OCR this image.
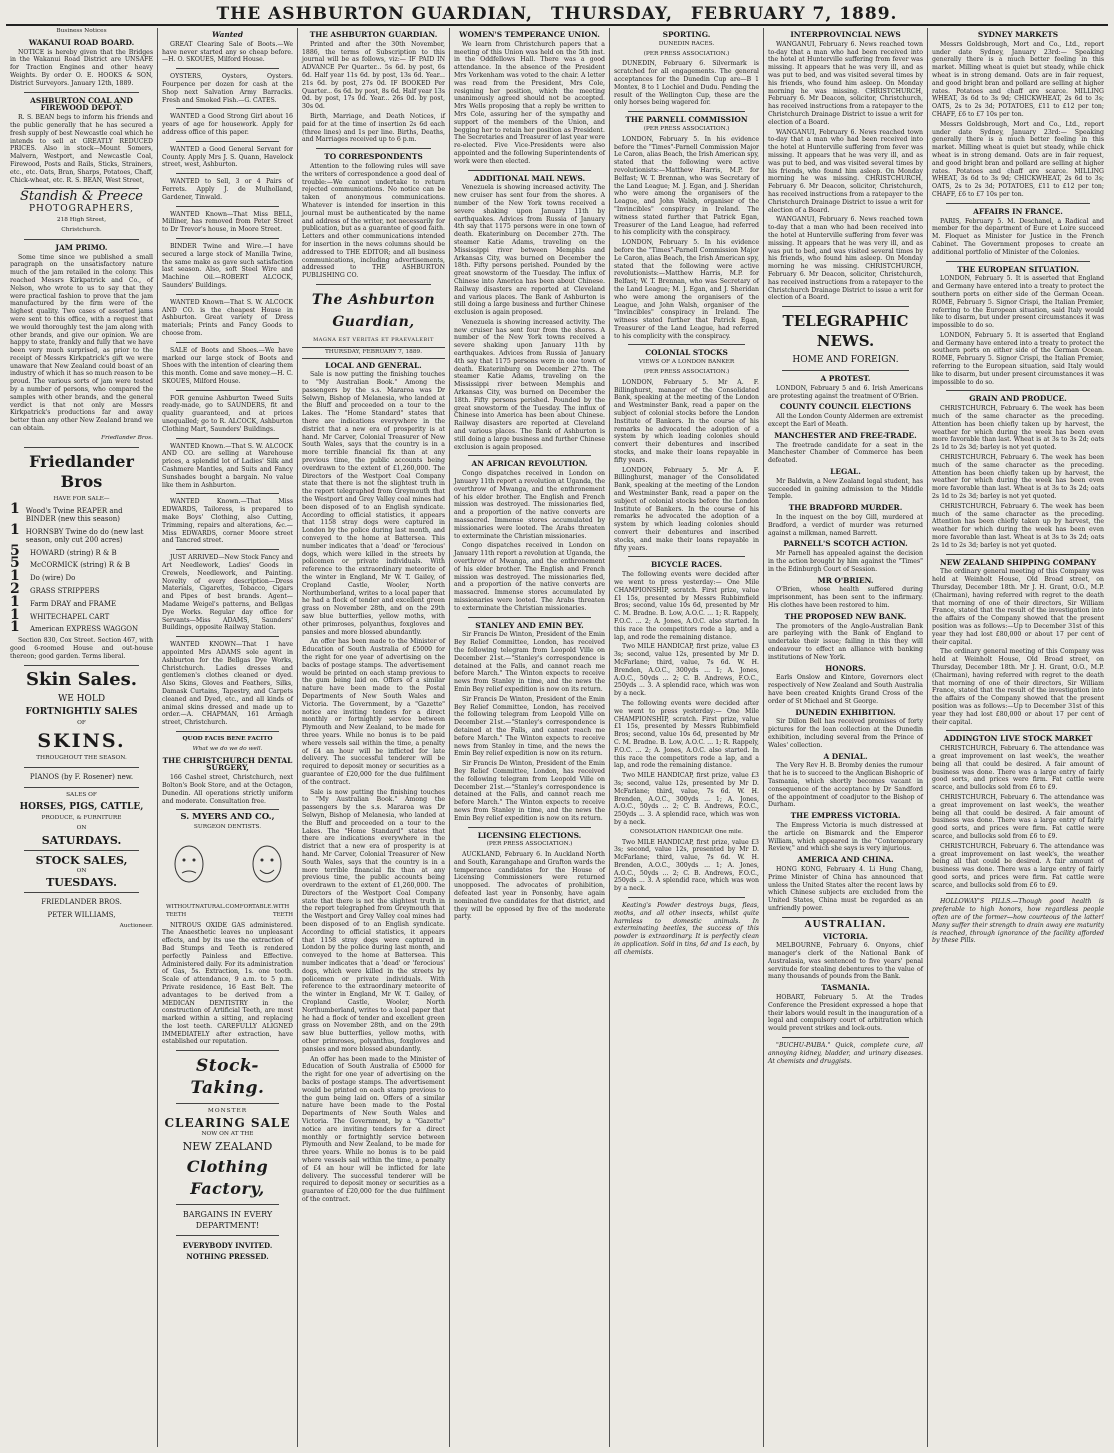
THE ASHBURTON GUARDIAN, THURSDAY, FEBRUARY 7, 1889.
Business Notices
WAKANUI ROAD BOARD.

NOTICE is hereby given that the Bridges in the Wakanui Road District are UNSAFE for Traction Engines and other heavy Weights. By order O. E. HOOKS & SON, District Surveyors. January 12th, 1889.

ASHBURTON COAL AND FIREWOOD DEPOT.

R. S. BEAN begs to inform his friends and the public generally that he has secured a fresh supply of best Newcastle coal which he intends to sell at GREATLY REDUCED PRICES. Also in stock—Mount Somers, Malvern, Westport, and Newcastle Coal, Firewood, Posts and Rails, Sticks, Strainers, etc., etc. Oats, Bran, Sharps, Potatoes, Chaff, Chick-wheat, etc. R. S. BEAN, West Street,

Standish & Preece
PHOTOGRAPHERS,
218 High Street,
Christchurch.
JAM PRIMO.

Some time since we published a small paragraph on the unsatisfactory nature much of the jam retailed in the colony. This reached Messrs Kirkpatrick and Co., of Nelson, who wrote to us to say that they were practical fashion to prove that the jam manufactured by the firm were of the highest quality. Two cases of assorted jams were sent to this office, with a request that we would thoroughly test the jam along with other brands, and give our opinion. We are happy to state, frankly and fully that we have been very much surprised, as prior to the receipt of Messrs Kirkpatrick's gift we were unaware that New Zealand could boast of an industry of which it has so much reason to be proud. The various sorts of jam were tested by a number of persons, who compared the samples with other brands, and the general verdict is that not only are Messrs Kirkpatrick's productions far and away better than any other New Zealand brand we can obtain.

Friedlander Bros.
Friedlander Bros
HAVE FOR SALE—
1 Wood's Twine REAPER and BINDER (new this season)
1 HORNSBY Twine do do (new last season, only cut 200 acres)
5	HOWARD (string) R & B
5	McCORMICK (string) R & B
1	Do (wire) Do
2	GRASS STRIPPERS
1	Farm DRAY and FRAME
1	WHITECHAPEL CART
1	American EXPRESS WAGGON

Section 830, Cox Street. Section 467, with good 6-roomed House and out-house thereon; good garden. Terms liberal.

Skin Sales.
WE HOLD
FORTNIGHTLY SALES
OF
SKINS.
THROUGHOUT THE SEASON.
PIANOS (by F. Rosener) new.
SALES OF
HORSES, PIGS, CATTLE,
PRODUCE, & FURNITURE
ON
SATURDAYS.
STOCK SALES,
ON
TUESDAYS.
FRIEDLANDER BROS.
PETER WILLIAMS,
Auctioneer.
Wanted

GREAT Clearing Sale of Boots.—We have never started any so cheap before.—H. O. SKOUES, Milford House.

OYSTERS, Oysters, Oysters. Fourpence per dozen for cash at the Shop next Salvation Army Barracks. Fresh and Smoked Fish.—G. CATES.

WANTED a Good Strong Girl about 16 years of age for housework. Apply for address office of this paper.

WANTED a Good General Servant for County. Apply Mrs J. S. Quann, Havelock street, west, Ashburton.

WANTED to Sell, 3 or 4 Pairs of Ferrets. Apply J. de Mulholland, Gardener, Tinwald.

WANTED Known—That Miss BELL, Milliner, has removed from Peter Street to Dr Trevor's house, in Moore Street.

BINDER Twine and Wire.—I have secured a large stock of Manilla Twine, the same make as gave such satisfaction last season. Also, soft Steel Wire and Machine Oil.—ROBERT ALCOCK, Saunders' Buildings.

WANTED Known—That S. W. ALCOCK AND CO. is the cheapest House in Ashburton. Great variety of Dress materials; Prints and Fancy Goods to choose from.

SALE of Boots and Shoes.—We have marked our large stock of Boots and Shoes with the intention of clearing them this month. Come and save money.—H. C. SKOUES, Milford House.

FOR genuine Ashburton Tweed Suits ready-made, go to SAUNDERS, fit and quality guaranteed, and at prices unequalled; go to R. ALCOCK, Ashburton Clothing Mart, Saunders' Buildings.

WANTED Known.—That S. W. ALCOCK AND CO. are selling at Warehouse prices, a splendid lot of Ladies' Silk and Cashmere Mantles, and Suits and Fancy Sunshades bought a bargain. No value like them in Ashburton.

WANTED Known.—That Miss EDWARDS, Tailoress, is prepared to make Boys' Clothing, also Cutting, Trimming, repairs and alterations, &c.—Miss EDWARDS, corner Moore street and Tancred street.

JUST ARRIVED—New Stock Fancy and Art Needlework, Ladies' Goods in Crewels, Needlework, and Painting. Novelty of every description—Dress Materials, Cigarettes, Tobacco, Cigars and Pipes of best brands. Agent—Madame Weigel's patterns, and Bellgas Dye Works. Regular day office for Servants—Miss ADAMS, Saunders' Buildings, opposite Railway Station.

WANTED KNOWN—That I have appointed Mrs ADAMS sole agent in Ashburton for the Bellgas Dye Works, Christchurch. Ladies dresses and gentlemen's clothes cleaned or dyed. Also Skins, Gloves and Feathers, Silks, Damask Curtains, Tapestry, and Carpets cleaned and Dyed, etc., and all kinds of animal skins dressed and made up to order.—A. CHAPMAN, 161 Armagh street, Christchurch.

QUOD FACIS BENE FACITO
What we do we do well.
THE CHRISTCHURCH DENTAL SURGERY,

166 Cashel street, Christchurch, next Bolton's Book Store, and at the Octagon, Dunedin. All operations strictly uniform and moderate. Consultation free.

S. MYERS AND CO.,
SURGEON DENTISTS.
WITHOUT TEETH
NATURAL. COMFORTABLE. WITH TEETH

NITROUS OXIDE GAS administered. The Anaesthetic leaves no unpleasant effects, and by its use the extraction of Bad Stumps and Teeth is rendered perfectly Painless and Effective. Administered daily. For its administration of Gas, 5s. Extraction, 1s. one tooth. Scale of attendance, 9 a.m. to 5 p.m. Private residence, 16 East Belt. The advantages to be derived from a MEDICAN DENTISTRY in the construction of Artificial Teeth, are most marked within a sitting, and replacing the lost teeth. CAREFULLY ALIGNED IMMEDIATELY after extraction, have established our reputation.

Stock-Taking.
MONSTER
CLEARING SALE
NOW ON AT THE
NEW ZEALAND
Clothing Factory,
BARGAINS IN EVERY DEPARTMENT!
EVERYBODY INVITED. NOTHING PRESSED.
THE ASHBURTON GUARDIAN.

Printed and after the 30th November, 1886, the terms of Subscription to this journal will be as follows, viz:— IF PAID IN ADVANCE Per Quarter... 5s 6d. by post, 6s 6d. Half year 11s 6d. by post, 13s 6d. Year... 21s 6d. by post, 27s 0d. IF BOOKED Per Quarter... 6s 6d. by post, 8s 6d. Half year 13s 0d. by post, 17s 0d. Year... 26s 0d. by post, 30s 0d.

Birth, Marriage, and Death Notices, if paid for at the time of insertion 2s 6d each (three lines) and 1s per line. Births, Deaths, and Marriages received up to 6 p.m.

TO CORRESPONDENTS

Attention to the following rules will save the writers of correspondence a good deal of trouble:—We cannot undertake to return rejected communications. No notice can be taken of anonymous communications. Whatever is intended for insertion in this journal must be authenticated by the name and address of the writer, not necessarily for publication, but as a guarantee of good faith. Letters and other communications intended for insertion in the news columns should be addressed to THE EDITOR; and all business communications, including advertisements, addressed to THE ASHBURTON PUBLISHING CO.

The Ashburton Guardian,
MAGNA EST VERITAS ET PRAEVALEBIT
THURSDAY, FEBRUARY 7, 1889.
LOCAL AND GENERAL.

Sale is now putting the finishing touches to "My Australian Book." Among the passengers by the s.s. Mararoa was Dr Selwyn, Bishop of Melanesia, who landed at the Bluff and proceeded on a tour to the Lakes. The "Home Standard" states that there are indications everywhere in the district that a new era of prosperity is at hand. Mr Carver, Colonial Treasurer of New South Wales, says that the country is in a more terrible financial fix than at any previous time, the public accounts being overdrawn to the extent of £1,260,000. The Directors of the Westport Coal Company state that there is not the slightest truth in the report telegraphed from Greymouth that the Westport and Grey Valley coal mines had been disposed of to an English syndicate. According to official statistics, it appears that 1158 stray dogs were captured in London by the police during last month, and conveyed to the home at Battersea. This number indicates that a 'dead' or 'ferocious' dogs, which were killed in the streets by policemen or private individuals. With reference to the extraordinary meteorite of the winter in England, Mr W. T. Gailey, of Cropland Castle, Wooler, North Northumberland, writes to a local paper that he had a flock of tender and excellent green grass on November 28th, and on the 29th saw blue butterflies, yellow moths, with other primroses, polyanthus, foxgloves and pansies and more blossed abundantly.

An offer has been made to the Minister of Education of South Australia of £5000 for the right for one year of advertising on the backs of postage stamps. The advertisement would be printed on each stamp previous to the gum being laid on. Offers of a similar nature have been made to the Postal Departments of New South Wales and Victoria. The Government, by a "Gazette" notice are inviting tenders for a direct monthly or fortnightly service between Plymouth and New Zealand, to be made for three years. While no bonus is to be paid where vessels sail within the time, a penalty of £4 an hour will be inflicted for late delivery. The successful tenderer will be required to deposit money or securities as a guarantee of £20,000 for the due fulfilment of the contract.

Sale is now putting the finishing touches to "My Australian Book." Among the passengers by the s.s. Mararoa was Dr Selwyn, Bishop of Melanesia, who landed at the Bluff and proceeded on a tour to the Lakes. The "Home Standard" states that there are indications everywhere in the district that a new era of prosperity is at hand. Mr Carver, Colonial Treasurer of New South Wales, says that the country is in a more terrible financial fix than at any previous time, the public accounts being overdrawn to the extent of £1,260,000. The Directors of the Westport Coal Company state that there is not the slightest truth in the report telegraphed from Greymouth that the Westport and Grey Valley coal mines had been disposed of to an English syndicate. According to official statistics, it appears that 1158 stray dogs were captured in London by the police during last month, and conveyed to the home at Battersea. This number indicates that a 'dead' or 'ferocious' dogs, which were killed in the streets by policemen or private individuals. With reference to the extraordinary meteorite of the winter in England, Mr W. T. Gailey, of Cropland Castle, Wooler, North Northumberland, writes to a local paper that he had a flock of tender and excellent green grass on November 28th, and on the 29th saw blue butterflies, yellow moths, with other primroses, polyanthus, foxgloves and pansies and more blossed abundantly.

An offer has been made to the Minister of Education of South Australia of £5000 for the right for one year of advertising on the backs of postage stamps. The advertisement would be printed on each stamp previous to the gum being laid on. Offers of a similar nature have been made to the Postal Departments of New South Wales and Victoria. The Government, by a "Gazette" notice are inviting tenders for a direct monthly or fortnightly service between Plymouth and New Zealand, to be made for three years. While no bonus is to be paid where vessels sail within the time, a penalty of £4 an hour will be inflicted for late delivery. The successful tenderer will be required to deposit money or securities as a guarantee of £20,000 for the due fulfilment of the contract.

WOMEN'S TEMPERANCE UNION.

We learn from Christchurch papers that a meeting of this Union was held on the 5th inst. in the Oddfellows Hall. There was a good attendance. In the absence of the President Mrs Vorkenham was voted to the chair. A letter was read from the President, Mrs Cole, resigning her position, which the meeting unanimously agreed should not be accepted. Mrs Wells proposing that a reply be written to Mrs Cole, assuring her of the sympathy and support of the members of the Union, and begging her to retain her position as President. The Secretaries and Treasurer of last year were re-elected. Five Vice-Presidents were also appointed and the following Superintendents of work were then elected.

ADDITIONAL MAIL NEWS.

Venezuela is showing increased activity. The new cruiser has sent four from the shores. A number of the New York towns received a severe shaking upon January 11th by earthquakes. Advices from Russia of January 4th say that 1175 persons were in one town of death. Ekaterinburg on December 27th. The steamer Katie Adams, traveling on the Mississippi river between Memphis and Arkansas City, was burned on December the 18th. Fifty persons perished. Pounded by the great snowstorm of the Tuesday. The influx of Chinese into America has been about Chinese. Railway disasters are reported at Cleveland and various places. The Bank of Ashburton is still doing a large business and further Chinese exclusion is again proposed.

Venezuela is showing increased activity. The new cruiser has sent four from the shores. A number of the New York towns received a severe shaking upon January 11th by earthquakes. Advices from Russia of January 4th say that 1175 persons were in one town of death. Ekaterinburg on December 27th. The steamer Katie Adams, traveling on the Mississippi river between Memphis and Arkansas City, was burned on December the 18th. Fifty persons perished. Pounded by the great snowstorm of the Tuesday. The influx of Chinese into America has been about Chinese. Railway disasters are reported at Cleveland and various places. The Bank of Ashburton is still doing a large business and further Chinese exclusion is again proposed.

AN AFRICAN REVOLUTION.

Congo dispatches received in London on January 11th report a revolution at Uganda, the overthrow of Mwanga, and the enthronement of his elder brother. The English and French mission was destroyed. The missionaries fled, and a proportion of the native converts are massacred. Immense stores accumulated by missionaries were looted. The Arabs threaten to exterminate the Christian missionaries.

Congo dispatches received in London on January 11th report a revolution at Uganda, the overthrow of Mwanga, and the enthronement of his elder brother. The English and French mission was destroyed. The missionaries fled, and a proportion of the native converts are massacred. Immense stores accumulated by missionaries were looted. The Arabs threaten to exterminate the Christian missionaries.

STANLEY AND EMIN BEY.

Sir Francis De Winton, President of the Emin Bey Relief Committee, London, has received the following telegram from Leopold Ville on December 21st.—"Stanley's correspondence is detained at the Falls, and cannot reach me before March." The Winton expects to receive news from Stanley in time, and the news the Emin Bey relief expedition is now on its return.

Sir Francis De Winton, President of the Emin Bey Relief Committee, London, has received the following telegram from Leopold Ville on December 21st.—"Stanley's correspondence is detained at the Falls, and cannot reach me before March." The Winton expects to receive news from Stanley in time, and the news the Emin Bey relief expedition is now on its return.

Sir Francis De Winton, President of the Emin Bey Relief Committee, London, has received the following telegram from Leopold Ville on December 21st.—"Stanley's correspondence is detained at the Falls, and cannot reach me before March." The Winton expects to receive news from Stanley in time, and the news the Emin Bey relief expedition is now on its return.

LICENSING ELECTIONS.
(PER PRESS ASSOCIATION.)

AUCKLAND, February 6. In Auckland North and South, Karangahape and Grafton wards the temperance candidates for the House of Licensing Commissioners were returned unopposed. The advocates of prohibition, defeated last year in Ponsonby, have again nominated five candidates for that district, and they will be opposed by five of the moderate party.

SPORTING.
DUNEDIN RACES.
(PER PRESS ASSOCIATION.)

DUNEDIN, February 6. Silvermark is scratched for all engagements. The general acceptances for the Dunedin Cup are—B 1 Montex, 8 to 1 Lochiel and Dudu. Pending the result of the Wellington Cup, these are the only horses being wagered for.

THE PARNELL COMMISSION
(PER PRESS ASSOCIATION.)

LONDON, February 5. In his evidence before the "Times"-Parnell Commission Major Le Caron, alias Beach, the Irish American spy, stated that the following were active revolutionists:—Matthew Harris, M.P. for Belfast; W. T. Brennan, who was Secretary of the Land League; M. J. Egan, and J. Sheridan who were among the organisers of the League, and John Walsh, organiser of the "Invincibles" conspiracy in Ireland. The witness stated further that Patrick Egan, Treasurer of the Land League, had referred to his complicity with the conspiracy.

LONDON, February 5. In his evidence before the "Times"-Parnell Commission Major Le Caron, alias Beach, the Irish American spy, stated that the following were active revolutionists:—Matthew Harris, M.P. for Belfast; W. T. Brennan, who was Secretary of the Land League; M. J. Egan, and J. Sheridan who were among the organisers of the League, and John Walsh, organiser of the "Invincibles" conspiracy in Ireland. The witness stated further that Patrick Egan, Treasurer of the Land League, had referred to his complicity with the conspiracy.

COLONIAL STOCKS
VIEWS OF A LONDON BANKER
(PER PRESS ASSOCIATION.)

LONDON, February 5. Mr A. F. Billinghurst, manager of the Consolidated Bank, speaking at the meeting of the London and Westminster Bank, read a paper on the subject of colonial stocks before the London Institute of Bankers. In the course of his remarks he advocated the adoption of a system by which leading colonies should convert their debentures and inscribed stocks, and make their loans repayable in fifty years.

LONDON, February 5. Mr A. F. Billinghurst, manager of the Consolidated Bank, speaking at the meeting of the London and Westminster Bank, read a paper on the subject of colonial stocks before the London Institute of Bankers. In the course of his remarks he advocated the adoption of a system by which leading colonies should convert their debentures and inscribed stocks, and make their loans repayable in fifty years.

BICYCLE RACES.

The following events were decided after we went to press yesterday:— One Mile CHAMPIONSHIP, scratch. First prize, value £1 15s, presented by Messrs Rubbimfield Bros; second, value 10s 6d, presented by Mr C. M. Bradne. B. Low, A.O.C. ... 1; R. Rappely, F.O.C. ... 2; A. Jones, A.O.C. also started. In this race the competitors rode a lap, and a lap, and rode the remaining distance.

Two MILE HANDICAP, first prize, value £3 3s; second, value 12s, presented by Mr D. McFarlane; third, value, 7s 6d. W. H. Brenden, A.O.C., 300yds ... 1; A. Jones, A.O.C., 50yds ... 2; C. B. Andrews, F.O.C., 250yds ... 3. A splendid race, which was won by a neck.

The following events were decided after we went to press yesterday:— One Mile CHAMPIONSHIP, scratch. First prize, value £1 15s, presented by Messrs Rubbimfield Bros; second, value 10s 6d, presented by Mr C. M. Bradne. B. Low, A.O.C. ... 1; R. Rappely, F.O.C. ... 2; A. Jones, A.O.C. also started. In this race the competitors rode a lap, and a lap, and rode the remaining distance.

Two MILE HANDICAP, first prize, value £3 3s; second, value 12s, presented by Mr D. McFarlane; third, value, 7s 6d. W. H. Brenden, A.O.C., 300yds ... 1; A. Jones, A.O.C., 50yds ... 2; C. B. Andrews, F.O.C., 250yds ... 3. A splendid race, which was won by a neck.

CONSOLATION HANDICAP. One mile.

Two MILE HANDICAP, first prize, value £3 3s; second, value 12s, presented by Mr D. McFarlane; third, value, 7s 6d. W. H. Brenden, A.O.C., 300yds ... 1; A. Jones, A.O.C., 50yds ... 2; C. B. Andrews, F.O.C., 250yds ... 3. A splendid race, which was won by a neck.

Keating's Powder destroys bugs, fleas, moths, and all other insects, whilst quite harmless to domestic animals. In exterminating beetles, the success of this powder is extraordinary. It is perfectly clean in application. Sold in tins, 6d and 1s each, by all chemists.

INTERPROVINCIAL NEWS

WANGANUI, February 6. News reached town to-day that a man who had been received into the hotel at Hunterville suffering from fever was missing. It appears that he was very ill, and as was put to bed, and was visited several times by his friends, who found him asleep. On Monday morning he was missing. CHRISTCHURCH, February 6. Mr Deacon, solicitor, Christchurch, has received instructions from a ratepayer to the Christchurch Drainage District to issue a writ for election of a Board.

WANGANUI, February 6. News reached town to-day that a man who had been received into the hotel at Hunterville suffering from fever was missing. It appears that he was very ill, and as was put to bed, and was visited several times by his friends, who found him asleep. On Monday morning he was missing. CHRISTCHURCH, February 6. Mr Deacon, solicitor, Christchurch, has received instructions from a ratepayer to the Christchurch Drainage District to issue a writ for election of a Board.

WANGANUI, February 6. News reached town to-day that a man who had been received into the hotel at Hunterville suffering from fever was missing. It appears that he was very ill, and as was put to bed, and was visited several times by his friends, who found him asleep. On Monday morning he was missing. CHRISTCHURCH, February 6. Mr Deacon, solicitor, Christchurch, has received instructions from a ratepayer to the Christchurch Drainage District to issue a writ for election of a Board.

TELEGRAPHIC NEWS.
HOME AND FOREIGN.
A PROTEST.

LONDON, February 5 and 6. Irish Americans are protesting against the treatment of O'Brien.

COUNTY COUNCIL ELECTIONS

All the London County Aldermen are extremist except the Earl of Meath.

MANCHESTER AND FREE-TRADE.

The freetrade candidate for a seat in the Manchester Chamber of Commerce has been defeated.

LEGAL.

Mr Baldwin, a New Zealand legal student, has succeeded in gaining admission to the Middle Temple.

THE BRADFORD MURDER.

In the inquest on the boy Gill, murdered at Bradford, a verdict of murder was returned against a milkman, named Barrett.

PARNELL'S SCOTCH ACTION.

Mr Parnell has appealed against the decision in the action brought by him against the "Times" in the Edinburgh Court of Session.

MR O'BRIEN.

O'Brien, whose health suffered during imprisonment, has been sent to the infirmary. His clothes have been restored to him.

THE PROPOSED NEW BANK.

The promoters of the Anglo-Australian Bank are parleying with the Bank of England to undertake their issue; failing in this they will endeavour to effect an alliance with banking institutions of New York.

HONORS.

Earls Onslow and Kintore, Governors elect respectively of New Zealand and South Australia have been created Knights Grand Cross of the order of St Michael and St George.

DUNEDIN EXHIBITION.

Sir Dillon Bell has received promises of forty pictures for the loan collection at the Dunedin exhibition, including several from the Prince of Wales' collection.

A DENIAL.

The Very Rev H. B. Bromby denies the rumour that he is to succeed to the Anglican Bishopric of Tasmania, which shortly becomes vacant in consequence of the acceptance by Dr Sandford of the appointment of coadjutor to the Bishop of Durham.

THE EMPRESS VICTORIA.

The Empress Victoria is much distressed at the article on Bismarck and the Emperor William, which appeared in the "Contemporary Review," and which she says is very injurious.

AMERICA AND CHINA.

HONG KONG, February 4. Li Hung Chang, Prime Minister of China has announced that unless the United States alter the recent laws by which Chinese subjects are excluded from the United States, China must be regarded as an unfriendly power.

AUSTRALIAN.
VICTORIA.

MELBOURNE, February 6. Onyons, chief manager's clerk of the National Bank of Australasia, was sentenced to five years' penal servitude for stealing debentures to the value of many thousands of pounds from the Bank.

TASMANIA.

HOBART, February 5. At the Trades Conference the President expressed a hope that their labors would result in the inauguration of a legal and compulsory court of arbitration which would prevent strikes and lock-outs.

"BUCHU-PAIBA." Quick, complete cure, all annoying kidney, bladder, and urinary diseases. At chemists and druggists.

SYDNEY MARKETS

Messrs Goldsbrough, Mort and Co., Ltd., report under date Sydney, January 23rd:— Speaking generally there is a much better feeling in this market. Milling wheat is quiet but steady, while chick wheat is in strong demand. Oats are in fair request, and good bright bran and pollard are selling at higher rates. Potatoes and chaff are scarce. MILLING WHEAT, 3s 6d to 3s 9d; CHICKWHEAT, 2s 6d to 3s; OATS, 2s to 2s 3d; POTATOES, £11 to £12 per ton; CHAFF, £6 to £7 10s per ton.

Messrs Goldsbrough, Mort and Co., Ltd., report under date Sydney, January 23rd:— Speaking generally there is a much better feeling in this market. Milling wheat is quiet but steady, while chick wheat is in strong demand. Oats are in fair request, and good bright bran and pollard are selling at higher rates. Potatoes and chaff are scarce. MILLING WHEAT, 3s 6d to 3s 9d; CHICKWHEAT, 2s 6d to 3s; OATS, 2s to 2s 3d; POTATOES, £11 to £12 per ton; CHAFF, £6 to £7 10s per ton.

AFFAIRS IN FRANCE.

PARIS, February 5. M. Deschanel, a Radical and member for the department of Eure et Loire succeed M. Floquet as Minister for Justice in the French Cabinet. The Government proposes to create an additional portfolio of Minister of the Colonies.

THE EUROPEAN SITUATION.

LONDON, February 5. It is asserted that England and Germany have entered into a treaty to protect the southern ports on either side of the German Ocean. ROME, February 5. Signor Crispi, the Italian Premier, referring to the European situation, said Italy would like to disarm, but under present circumstances it was impossible to do so.

LONDON, February 5. It is asserted that England and Germany have entered into a treaty to protect the southern ports on either side of the German Ocean. ROME, February 5. Signor Crispi, the Italian Premier, referring to the European situation, said Italy would like to disarm, but under present circumstances it was impossible to do so.

GRAIN AND PRODUCE.

CHRISTCHURCH, February 6. The week has been much of the same character as the preceding. Attention has been chiefly taken up by harvest, the weather for which during the week has been even more favorable than last. Wheat is at 3s to 3s 2d; oats 2s 1d to 2s 3d; barley is not yet quoted.

CHRISTCHURCH, February 6. The week has been much of the same character as the preceding. Attention has been chiefly taken up by harvest, the weather for which during the week has been even more favorable than last. Wheat is at 3s to 3s 2d; oats 2s 1d to 2s 3d; barley is not yet quoted.

CHRISTCHURCH, February 6. The week has been much of the same character as the preceding. Attention has been chiefly taken up by harvest, the weather for which during the week has been even more favorable than last. Wheat is at 3s to 3s 2d; oats 2s 1d to 2s 3d; barley is not yet quoted.

NEW ZEALAND SHIPPING COMPANY

The ordinary general meeting of this Company was held at Weinholt House, Old Broad street, on Thursday, December 18th. Mr J. H. Grant, O.O., M.P. (Chairman), having referred with regret to the death that morning of one of their directors, Sir William France, stated that the result of the investigation into the affairs of the Company showed that the present position was as follows:—Up to December 31st of this year they had lost £80,000 or about 17 per cent of their capital.

The ordinary general meeting of this Company was held at Weinholt House, Old Broad street, on Thursday, December 18th. Mr J. H. Grant, O.O., M.P. (Chairman), having referred with regret to the death that morning of one of their directors, Sir William France, stated that the result of the investigation into the affairs of the Company showed that the present position was as follows:—Up to December 31st of this year they had lost £80,000 or about 17 per cent of their capital.

ADDINGTON LIVE STOCK MARKET

CHRISTCHURCH, February 6. The attendance was a great improvement on last week's, the weather being all that could be desired. A fair amount of business was done. There was a large entry of fairly good sorts, and prices were firm. Fat cattle were scarce, and bullocks sold from £6 to £9.

CHRISTCHURCH, February 6. The attendance was a great improvement on last week's, the weather being all that could be desired. A fair amount of business was done. There was a large entry of fairly good sorts, and prices were firm. Fat cattle were scarce, and bullocks sold from £6 to £9.

CHRISTCHURCH, February 6. The attendance was a great improvement on last week's, the weather being all that could be desired. A fair amount of business was done. There was a large entry of fairly good sorts, and prices were firm. Fat cattle were scarce, and bullocks sold from £6 to £9.

HOLLOWAY'S PILLS.—Though good health is preferable to high honors, how regardless people often are of the former—how courteous of the latter! Many suffer their strength to drain away ere maturity is reached, through ignorance of the facility afforded by these Pills.
